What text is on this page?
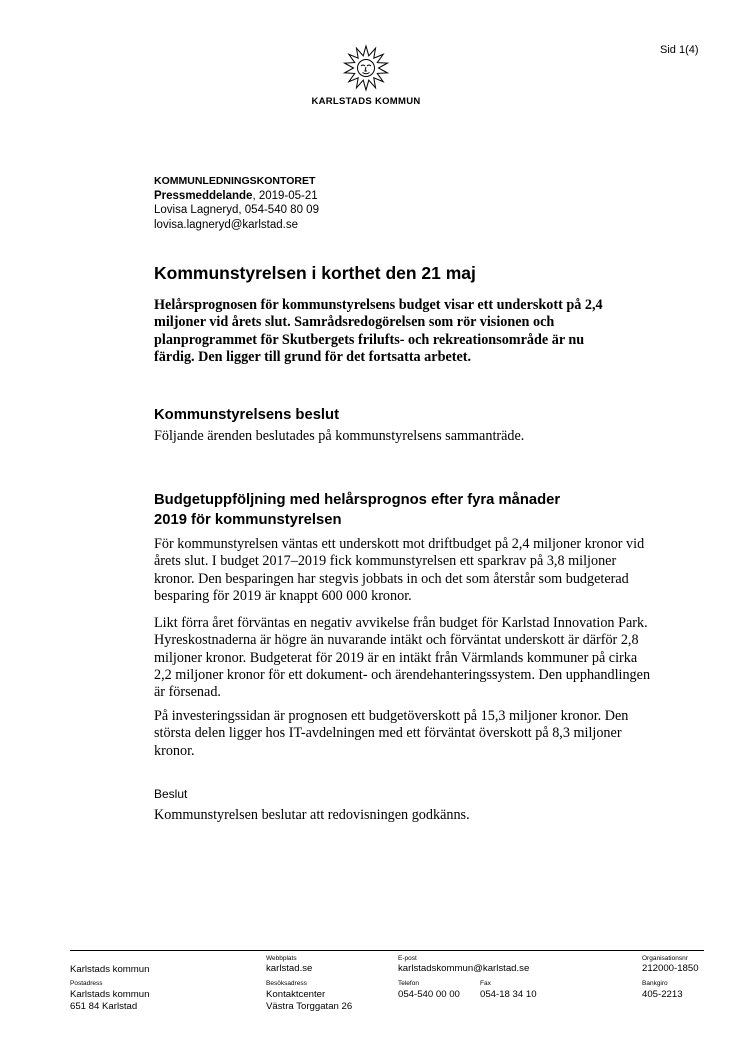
Sid 1(4)
KARLSTADS KOMMUN
KOMMUNLEDNINGSKONTORET
Pressmeddelande, 2019-05-21
Lovisa Lagneryd, 054-540 80 09
lovisa.lagneryd@karlstad.se
Kommunstyrelsen i korthet den 21 maj

Helårsprognosen för kommunstyrelsens budget visar ett underskott på 2,4 miljoner vid årets slut. Samrådsredogörelsen som rör visionen och planprogrammet för Skutbergets frilufts- och rekreationsområde är nu färdig. Den ligger till grund för det fortsatta arbetet.

Kommunstyrelsens beslut

Följande ärenden beslutades på kommunstyrelsens sammanträde.

Budgetuppföljning med helårsprognos efter fyra månader 2019 för kommunstyrelsen

För kommunstyrelsen väntas ett underskott mot driftbudget på 2,4 miljoner kronor vid årets slut. I budget 2017–2019 fick kommunstyrelsen ett sparkrav på 3,8 miljoner kronor. Den besparingen har stegvis jobbats in och det som återstår som budgeterad besparing för 2019 är knappt 600 000 kronor.

Likt förra året förväntas en negativ avvikelse från budget för Karlstad Innovation Park. Hyreskostnaderna är högre än nuvarande intäkt och förväntat underskott är därför 2,8 miljoner kronor. Budgeterat för 2019 är en intäkt från Värmlands kommuner på cirka 2,2 miljoner kronor för ett dokument- och ärendehanteringssystem. Den upphandlingen är försenad.

På investeringssidan är prognosen ett budgetöverskott på 15,3 miljoner kronor. Den största delen ligger hos IT-avdelningen med ett förväntat överskott på 8,3 miljoner kronor.

Beslut

Kommunstyrelsen beslutar att redovisningen godkänns.

Karlstads kommun
Webbplats
karlstad.se
E-post
karlstadskommun@karlstad.se
Organisationsnr
212000-1850
Postadress
Karlstads kommun
651 84 Karlstad
Besöksadress
Kontaktcenter
Västra Torggatan 26
Telefon
054-540 00 00
Fax
054-18 34 10
Bankgiro
405-2213
